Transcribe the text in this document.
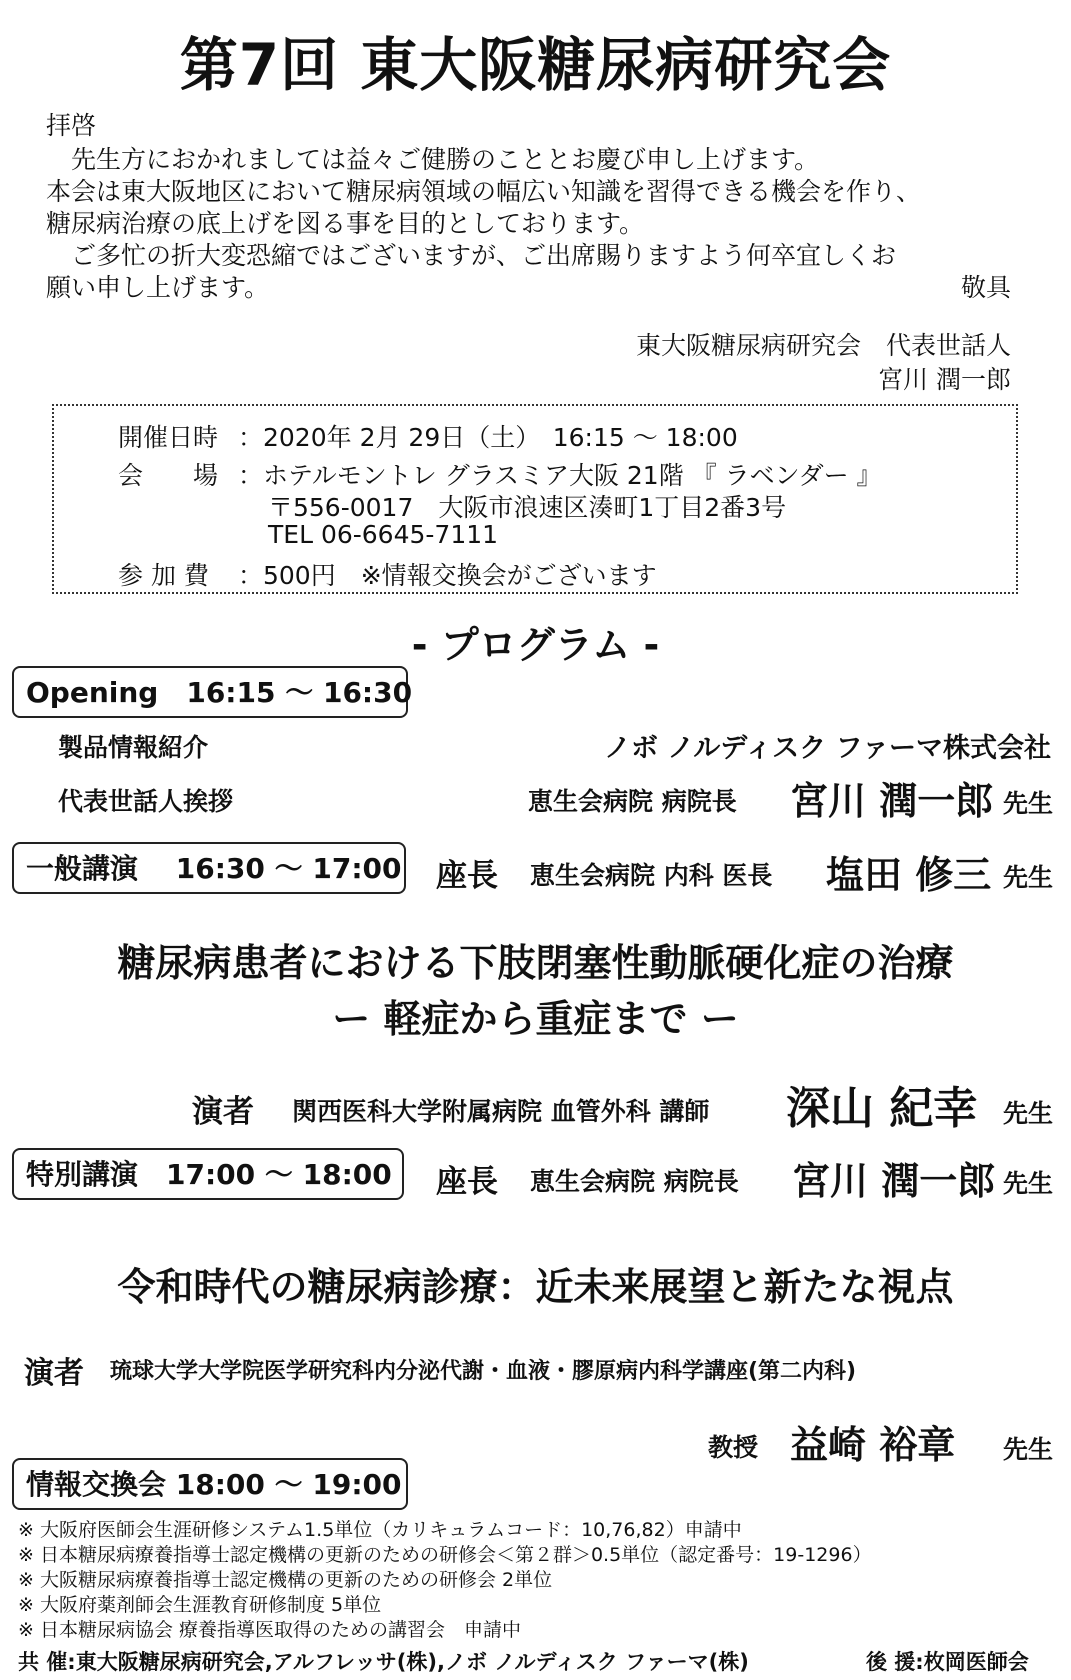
第7回 東大阪糖尿病研究会
拝啓
　先生方におかれましては益々ご健勝のこととお慶び申し上げます。
本会は東大阪地区において糖尿病領域の幅広い知識を習得できる機会を作り、
糖尿病治療の底上げを図る事を目的としております。
　ご多忙の折大変恐縮ではございますが、ご出席賜りますよう何卒宜しくお
願い申し上げます。	敬具
東大阪糖尿病研究会　代表世話人
宮川 潤一郎
開催日時 ：2020年 2月 29日（土）　16:15 ～ 18:00
会　　場 ：ホテルモントレ グラスミア大阪 21階 『 ラベンダー 』
〒556-0017　大阪市浪速区湊町1丁目2番3号
TEL 06-6645-7111
参 加 費 ：500円　※情報交換会がございます
- プログラム -
Opening　16:15 ～ 16:30
製品情報紹介	ノボ ノルディスク ファーマ株式会社
代表世話人挨拶	恵生会病院 病院長 宮川 潤一郎 先生
一般講演　 16:30 ～ 17:00 座長 恵生会病院 内科 医長 塩田 修三 先生
糖尿病患者における下肢閉塞性動脈硬化症の治療
ー 軽症から重症まで ー
演者 関西医科大学附属病院 血管外科 講師 深山 紀幸 先生
特別講演　17:00 ～ 18:00	座長 恵生会病院 病院長 宮川 潤一郎 先生
令和時代の糖尿病診療：近未来展望と新たな視点
演者 琉球大学大学院医学研究科内分泌代謝・血液・膠原病内科学講座(第二内科)
教授 益崎 裕章 先生
情報交換会 18:00 ～ 19:00
※ 大阪府医師会生涯研修システム1.5単位（カリキュラムコード：10,76,82）申請中
※ 日本糖尿病療養指導士認定機構の更新のための研修会＜第２群＞0.5単位（認定番号：19-1296）
※ 大阪糖尿病療養指導士認定機構の更新のための研修会 2単位
※ 大阪府薬剤師会生涯教育研修制度 5単位
※ 日本糖尿病協会 療養指導医取得のための講習会　申請中
共 催:東大阪糖尿病研究会,アルフレッサ(株),ノボ ノルディスク ファーマ(株)	後 援:枚岡医師会
